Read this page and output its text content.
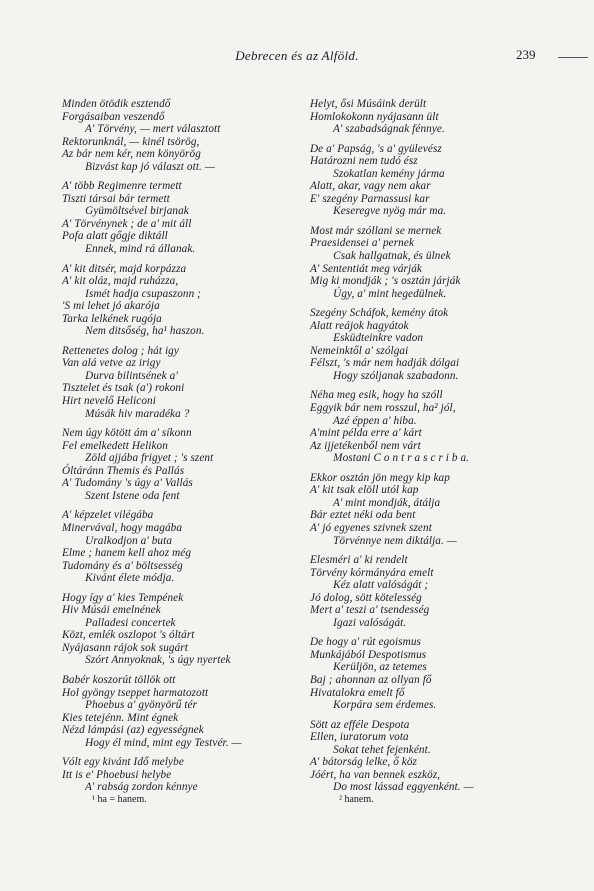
Debrecen és az Alföld.	239
Minden ötödik esztendő
Forgásaiban veszendő
A' Törvény, — mert választott
Rektorunknál, — kinél tsörög,
Az bár nem kér, nem könyörög
Bizvást kap jó választ ott. —
A' több Regimenre termett
Tiszti társai bár termett
Gyümöltsével birjanak
A' Törvénynek ; de a' mit áll
Pofa alatt gőgje diktáll
Ennek, mind rá állanak.
A' kit ditsér, majd korpázza
A' kit oláz, majd ruházza,
Ismét hadja csupaszonn ;
'S mi lehet jó akarója
Tarka lelkének rugója
Nem ditsőség, ha¹ haszon.
Rettenetes dolog ; hát igy
Van alá vetve az irigy
Durva bilintsének a'
Tisztelet és tsak (a') rokoni
Hirt nevelő Heliconi
Músák hiv maradéka ?
Nem úgy kötött ám a' síkonn
Fel emelkedett Helikon
Zöld ajjába frigyet ; 's szent
Óltáránn Themis és Pallás
A' Tudomány 's úgy a' Vallás
Szent Istene oda fent
A' képzelet vilégába
Minervával, hogy magába
Uralkodjon a' buta
Elme ; hanem kell ahoz még
Tudomány és a' böltsesség
Kivánt élete módja.
Hogy így a' kies Tempének
Hiv Músái emelnének
Palladesi concertek
Közt, emlék oszlopot 's óltárt
Nyájasann rájok sok sugárt
Szórt Annyoknak, 's úgy nyertek
Babér koszorút töllök ott
Hol gyöngy tseppet harmatozott
Phoebus a' gyönyörű tér
Kies tetejénn. Mint égnek
Nézd lámpási (az) egyességnek
Hogy él mind, mint egy Testvér. —
Vólt egy kivánt Idő melybe
Itt is e' Phoebusi helybe
A' rabság zordon kénnye
Helyt, ősi Músáink derült
Homlokokonn nyájasann ült
A' szabadságnak fénnye.
De a' Papság, 's a' gyülevész
Határozni nem tudó ész
Szokatlan kemény járma
Alatt, akar, vagy nem akar
E' szegény Parnassusi kar
Keseregve nyög már ma.
Most már szóllani se mernek
Praesidensei a' pernek
Csak hallgatnak, és ülnek
A' Sententiát meg várják
Mig ki mondják ; 's osztán járják
Úgy, a' mint hegedülnek.
Szegény Scháfok, kemény átok
Alatt reájok hagyátok
Esküdteinkre vadon
Nemeinktől a' szólgai
Félszt, 's már nem hadják dólgai
Hogy szóljanak szabadonn.
Néha meg esik, hogy ha szóll
Eggyik bár nem rosszul, ha² jól,
Azé éppen a' hiba.
A'mint példa erre a' kárt
Az ijjetékenből nem várt
Mostani C o n t r a s c r i b a.
Ekkor osztán jön megy kip kap
A' kit tsak elöll utól kap
A' mint mondják, átálja
Bár eztet néki oda bent
A' jó egyenes szivnek szent
Törvénnye nem diktálja. —
Elesméri a' ki rendelt
Törvény kórmányára emelt
Kéz alatt valóságát ;
Jó dolog, sött kötelesség
Mert a' teszi a' tsendesség
Igazi valóságát.
De hogy a' rút egoismus
Munkájából Despotismus
Kerüljön, az tetemes
Baj ; ahonnan az ollyan fő
Hivatalokra emelt fő
Korpára sem érdemes.
Sött az efféle Despota
Ellen, iuratorum vota
Sokat tehet fejenként.
A' bátorság lelke, ő köz
Jóért, ha van bennek eszköz,
Do most lássad eggyenként. —
¹ ha = hanem.	² hanem.
